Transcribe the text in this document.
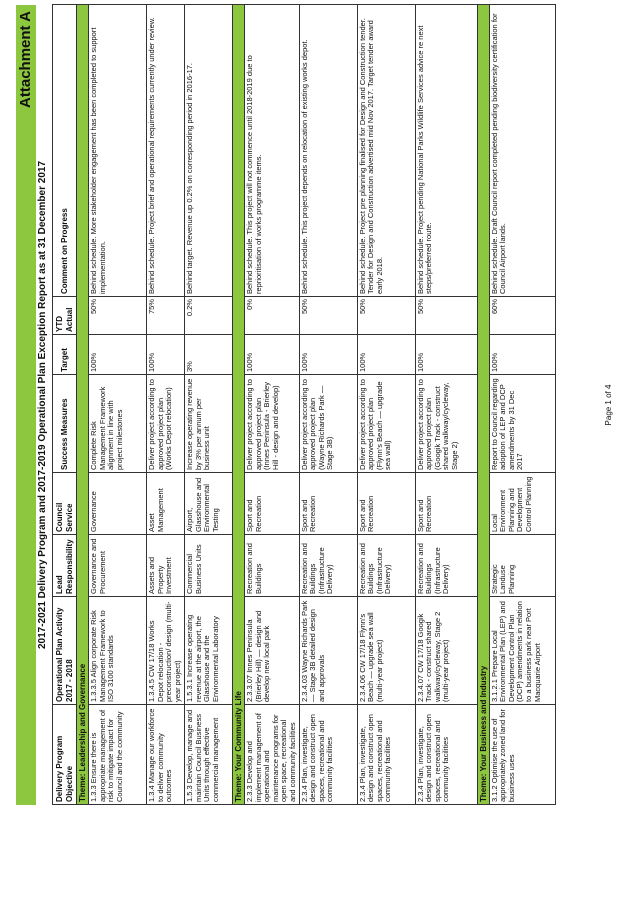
Attachment A
2017-2021 Delivery Program and 2017-2019 Operational Plan Exception Report as at 31 December 2017
Delivery Program Objective	Operational Plan Activity 2017 - 2018	Lead Responsibility	Council Service	Success Measures	Target	YTD Actual	Comment on Progress
Theme: Leadership and Governance							
1.3.3 Ensure there is appropriate management of risk to mitigate impact for Council and the community	1.3.3.5 Align corporate Risk Management Framework to ISO 3100 standards	Governance and Procurement	Governance	Complete Risk Management Framework alignment in line with project milestones	100%	50%	Behind schedule. More stakeholder engagement has been completed to support implementation.
1.3.4 Manage our workforce to deliver community outcomes	1.3.4.5 CW 17/18 Works Depot relocation - preconstruction/ design (multi-year project)	Assets and Property Investment	Asset Management	Deliver project according to approved project plan (Works Depot relocation)	100%	75%	Behind schedule. Project brief and operational requirements currently under review.
1.5.3 Develop, manage and maintain Council Business Units through effective commercial management	1.5.3.1 Increase operating revenue at the airport, the Glasshouse and the Environmental Laboratory	Commercial Business Units	Airport, Glasshouse and Environmental Testing	Increase operating revenue by 3% per annum per business unit	3%	0.2%	Behind target. Revenue up 0.2% on corresponding period in 2016-17.
Theme: Your Community Life							
2.3.3 Develop and implement management of operational and maintenance programs for open space, recreational and community facilities	2.3.3.07 Innes Peninsula (Brierley Hill) — design and develop new local park	Recreation and Buildings	Sport and Recreation	Deliver project according to approved project plan (Innes Peninsula - Brierley Hill - design and develop)	100%	0%	Behind schedule. This project will not commence until 2018-2019 due to reprioritisation of works programme items.
2.3.4 Plan, investigate, design and construct open spaces, recreational and community facilities	2.3.4.03 Wayne Richards Park — Stage 3B detailed design and approvals	Recreation and Buildings (Infrastructure Delivery)	Sport and Recreation	Deliver project according to approved project plan (Wayne Richards Park — Stage 3B)	100%	50%	Behind schedule. This project depends on relocation of existing works depot.
2.3.4 Plan, investigate, design and construct open spaces, recreational and community facilities	2.3.4.06 CW 17/18 Flynn's Beach — upgrade sea wall (multi-year project)	Recreation and Buildings (Infrastructure Delivery)	Sport and Recreation	Deliver project according to approved project plan (Flynn's Beach — upgrade sea wall)	100%	50%	Behind schedule. Project pre planning finalised for Design and Construction tender. Tender for Design and Construction advertised mid Nov 2017. Target tender award early 2018.
2.3.4 Plan, investigate, design and construct open spaces, recreational and community facilities	2.3.4.07 CW 17/18 Googik Track - construct shared walkway/cycleway, Stage 2 (multi-year project)	Recreation and Buildings (Infrastructure Delivery)	Sport and Recreation	Deliver project according to approved project plan (Googik Track - construct shared walkway/cycleway, Stage 2)	100%	50%	Behind schedule. Project pending National Parks Wildlife Services advice re next steps/preferred route.
Theme: Your Business and Industry							
3.1.2 Optimise the use of appropriately zoned land for business uses	3.1.2.1 Prepare Local Environmental Plan (LEP) and Development Control Plan (DCP) amendments in relation to a business park near Port Macquarie Airport	Strategic Landuse Planning	Local Environment Planning and Development Control Planning	Report to Council regarding adoption of LEP and DCP amendments by 31 Dec 2017	100%	60%	Behind schedule. Draft Council report completed pending biodiversity certification for Council Airport lands.
Page 1 of 4
